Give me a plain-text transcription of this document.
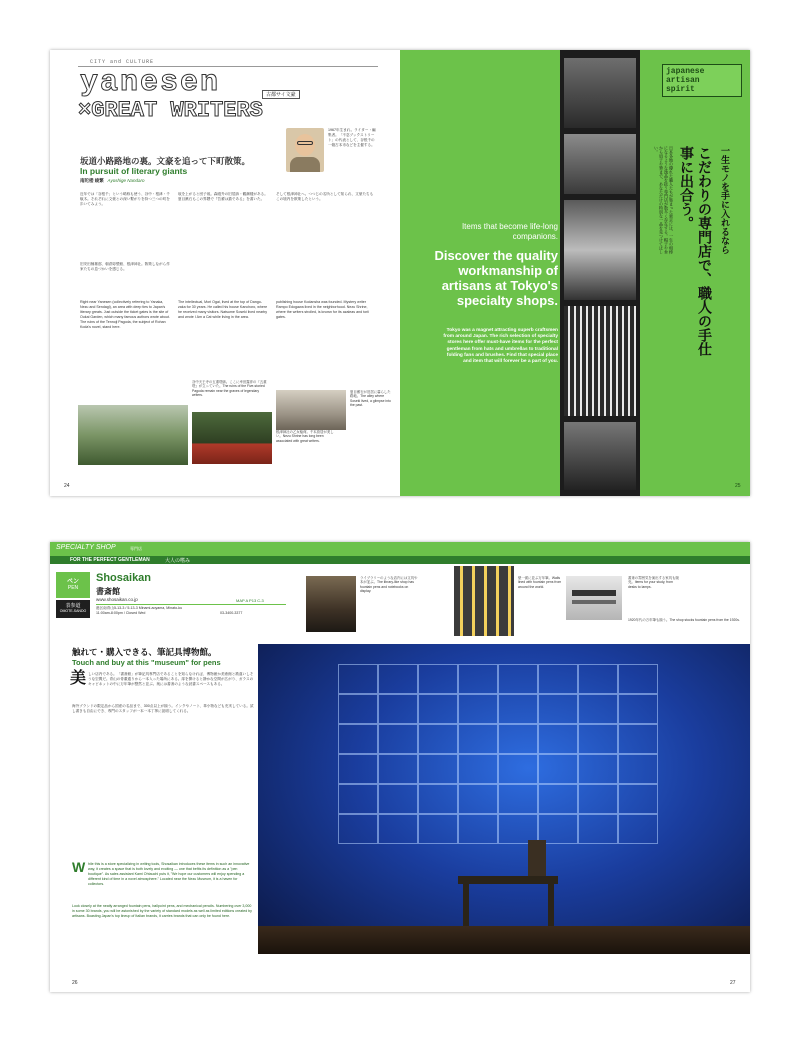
CITY and CULTURE
yanesen	古都サイ文豪
×GREAT WRITERS
1967年生まれ。ライター・編集者。「不忍ブックストリート」の代表として、谷根千の一箱古本市などを主催する。
坂道小路路地の裏。文豪を追って下町散策。
In pursuit of literary giants
南陀楼 綾繁 Ayoshige Nandaro
近年では「谷根千」という略称も使う、谷中・根津・千駄木。それぞれに文豪との深い繋がりを持つ三つの町を歩いてみよう。
旧安田楠雄邸、朝倉彫塑館、根津神社。散策しながら作家たちの息づかいを感じる。
Right near Yanesen (collectively referring to Yanaka, Nezu and Sendagi), an area with deep ties to Japan's literary greats. Just outside the ticket gates is the site of Oukai Garden, which many famous authors wrote about. The ruins of the Tennoji Pagoda, the subject of Rohan Koda's novel, stand here.
坂を上がると団子坂。森鴎外の旧居跡・観潮楼がある。夏目漱石もこの界隈で『吾輩は猫である』を書いた。
The intellectual, Mori Ogai, lived at the top of Dango-zaka for 30 years. He called his house Kanchoro, where he received many visitors. Natsume Soseki lived nearby and wrote I Am a Cat while living in the area.
そして根津神社へ。つつじの名所として知られ、文豪たちもこの境内を散策したという。
publishing house Kodansha was founded. Mystery writer Rampo Edogawa lived in the neighborhood. Nezu Shrine, where the writers strolled, is known for its azaleas and torii gates.
谷中天王寺の五重塔跡。ここに幸田露伴の『五重塔』が立っていた。The ruins of the Five-storied Pagoda remain near the graves of legendary writers.
根津神社の乙女稲荷。千本鳥居が美しい。Nezu Shrine has long been associated with great writers.
夏目漱石が旧居に暮らした路地。The alley where Soseki lived, a glimpse into the past.
24
japanese
artisan
spirit
こだわりの専門店で、職人の手仕事に出合う。	一生モノを手に入れるなら
日本各地の優れた職人たちが集まった東京には、一生の相棒になるような逸品を扱う専門店が数多く存在する。帽子や傘から扇子や筆まで、あなただけの特別な一品を見つけてほしい。
Items that become life-long companions.
Discover the quality workmanship of artisans at Tokyo's specialty shops.
Tokyo was a magnet attracting superb craftsmen from around Japan. The rich selection of specialty stores here offer must-have items for the perfect gentleman from hats and umbrellas to traditional folding fans and brushes. Find that special place and item that will forever be a part of you.
25
SPECIALTY SHOP	専門店
FOR THE PERFECT GENTLEMAN	大人の嗜み
ペン
PEN
表参道
OMOTE-SANDO
Shosaikan
書斎館
www.shosaikan.co.jp	MAP A P13 C-3
港区南青山5-13-3 / 5-13-3 Minami-aoyama, Minato-ku
11:00am-8:00pm / Closed Wed	03-3400-3377
ライブラリーのような店内には文具や本が並ぶ。The library-like shop has fountain pens and notebooks on display.
壁一面に並ぶ万年筆。Walls lined with fountain pens from around the world.
書斎の雰囲気を演出する家具も販売。Items for your study, from desks to lamps.
1920年代の万年筆も揃う。The shop stocks fountain pens from the 1920s.
触れて・購入できる、筆記具博物館。
Touch and buy at this "museum" for pens
美 しい店内である。「書斎館」が筆記具専門店であることを知らなければ、博物館か美術館と勘違いしそうな空間だ。青山の骨董通りから一本入った場所にある。扉を開けると静かな空間が広がり、ガラスのキャビネットの中に万年筆が整然と並ぶ。奥には書斎のような読書スペースもある。
海外ブランドの限定品から国産の名品まで、300点以上が揃う。インクやノート、革小物なども充実している。試し書きも自由にでき、専門のスタッフが一本一本丁寧に説明してくれる。
W hile this is a store specializing in writing tools, Shosaikan introduces these items in such an innovative way, it creates a space that is both lovely and exciting — one that befits its definition as a "pen boutique". As sales assistant Kami Ohtauchi puts it, "We hope our customers will enjoy spending a different kind of time in a novel atmosphere." Located near the Nezu Museum, it is a haven for collectors.
Look closely at the neatly arranged fountain pens, ballpoint pens, and mechanical pencils. Numbering over 3,000 in some 30 brands, you will be astonished by the variety of standard models as well as limited editions created by artisans. Boasting Japan's top lineup of Italian brands, it carries brands that can only be found here.
26	27
